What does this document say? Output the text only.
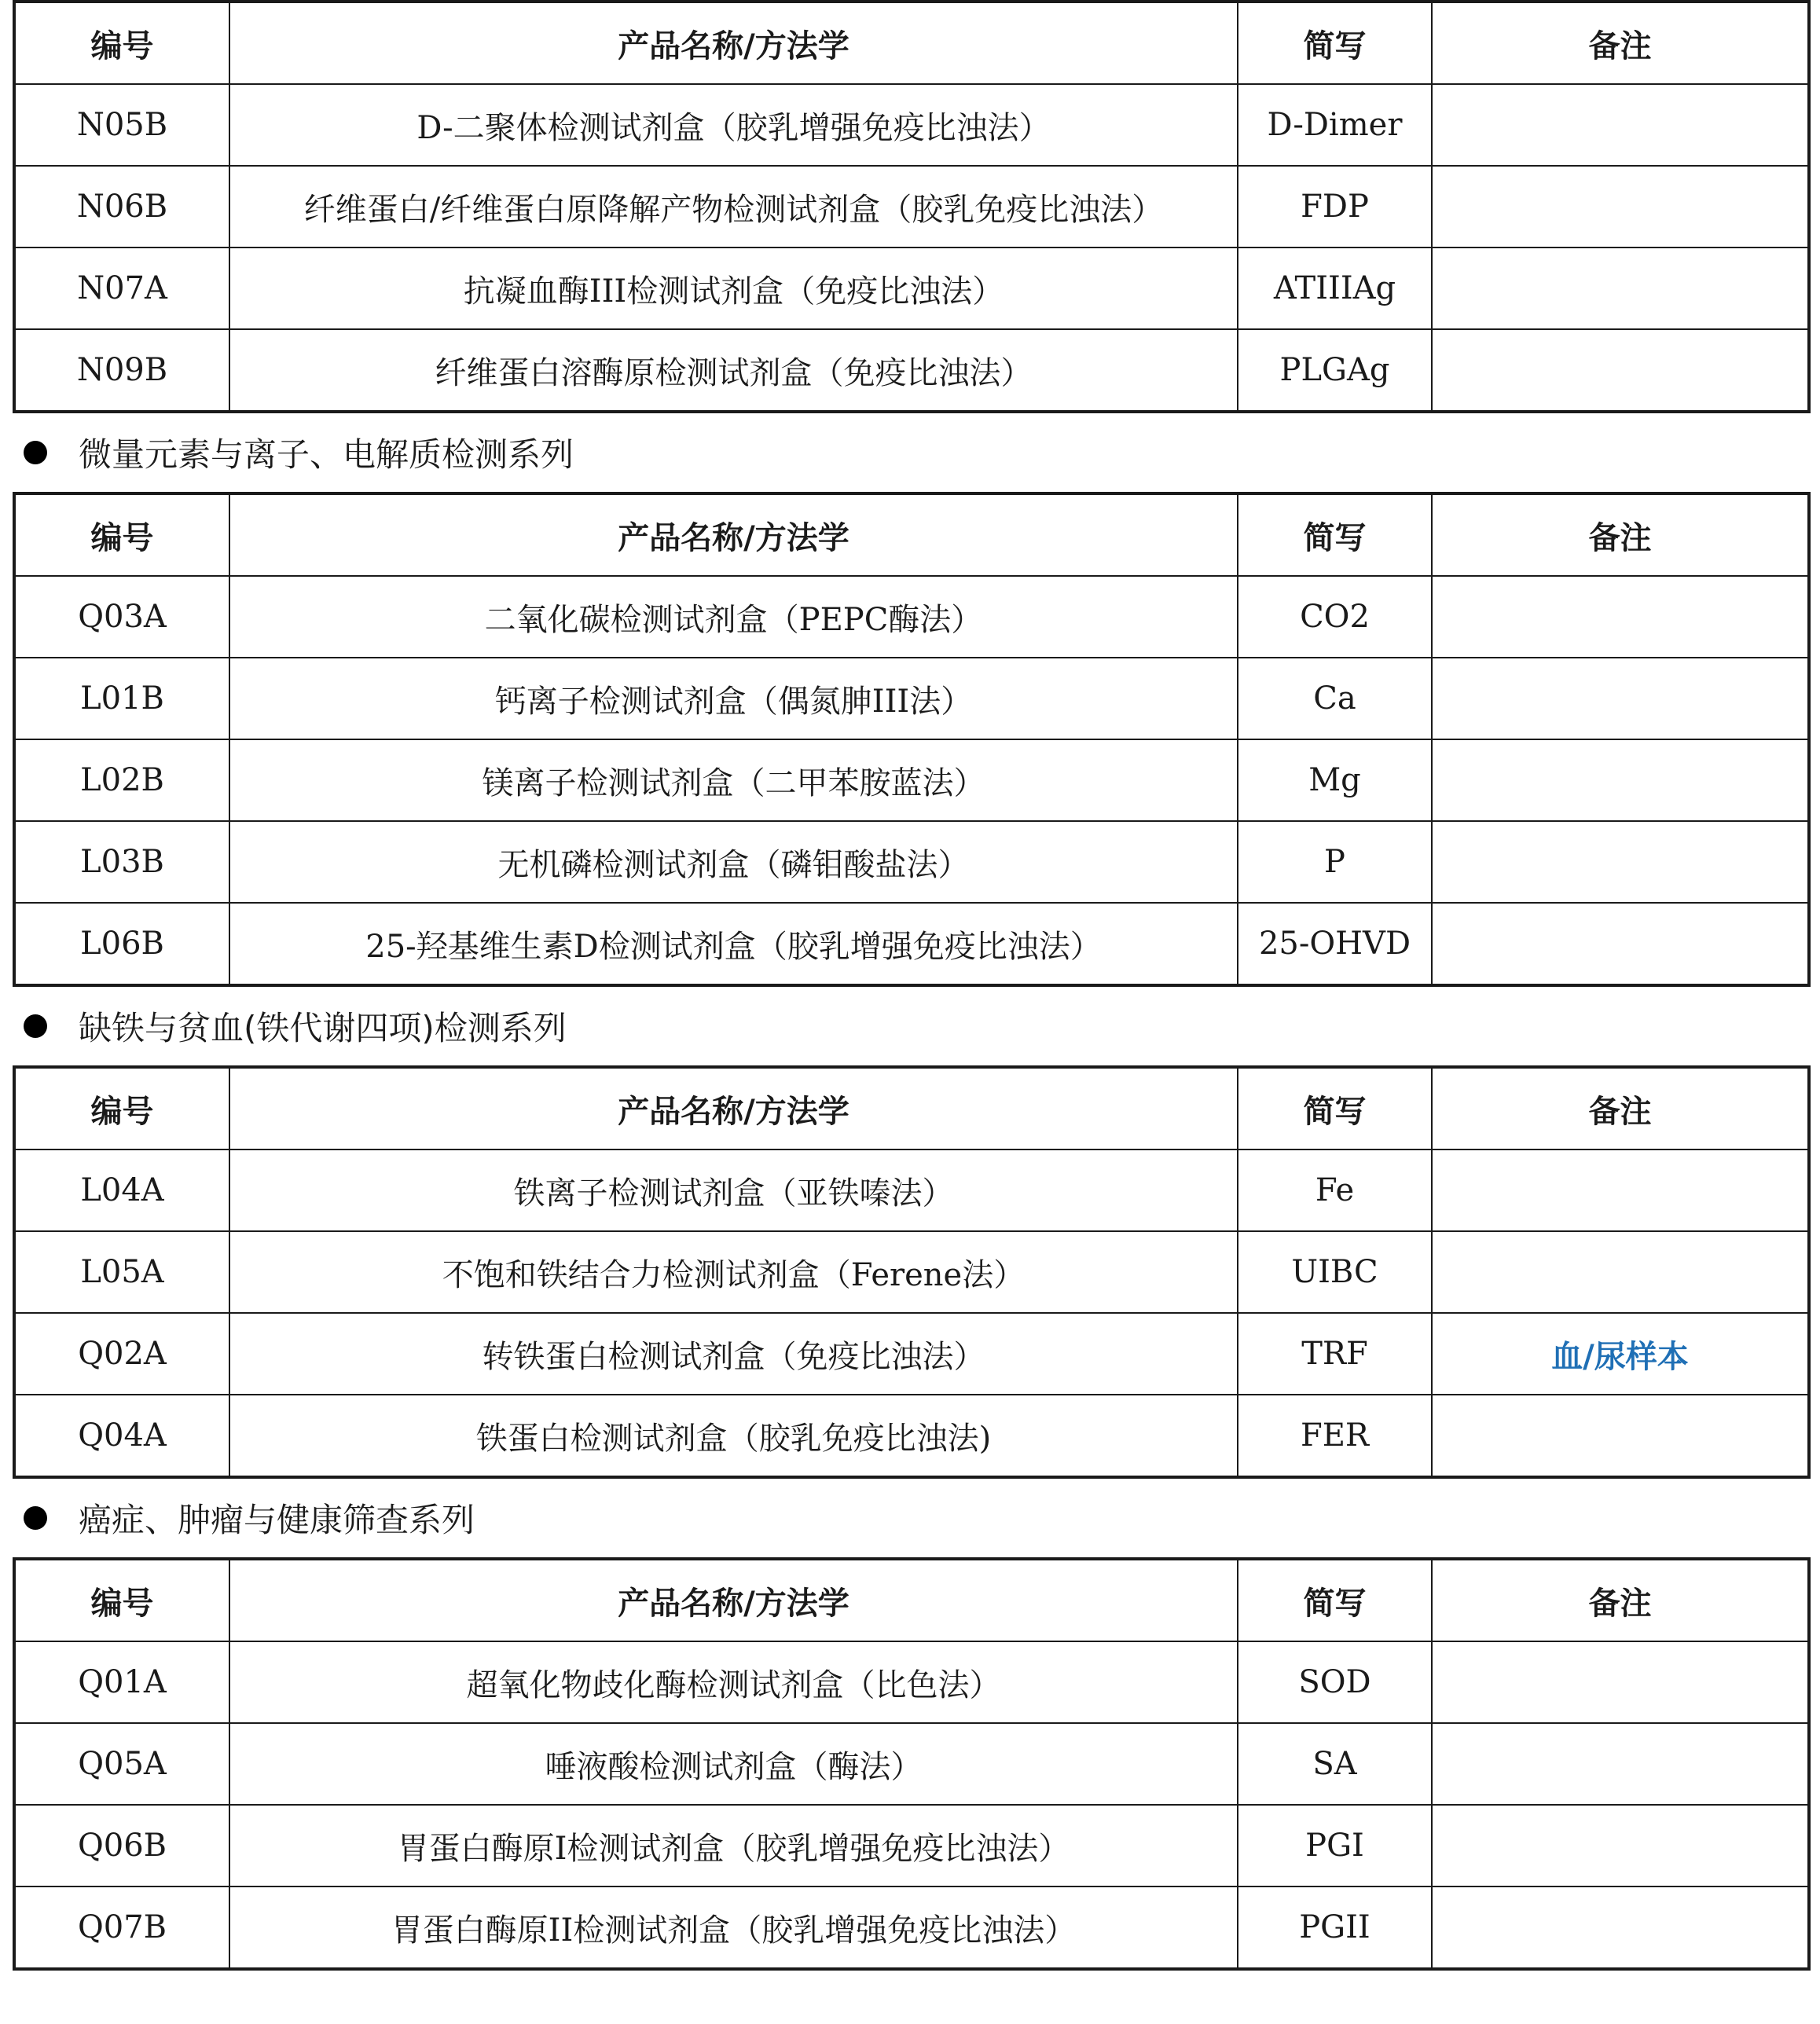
编号	产品名称/方法学	简写	备注
N05B	D-二聚体检测试剂盒（胶乳增强免疫比浊法）	D-Dimer	
N06B	纤维蛋白/纤维蛋白原降解产物检测试剂盒（胶乳免疫比浊法）	FDP	
N07A	抗凝血酶III检测试剂盒（免疫比浊法）	ATIIIAg	
N09B	纤维蛋白溶酶原检测试剂盒（免疫比浊法）	PLGAg	
微量元素与离子、电解质检测系列
编号	产品名称/方法学	简写	备注
Q03A	二氧化碳检测试剂盒（PEPC酶法）	CO2	
L01B	钙离子检测试剂盒（偶氮胂III法）	Ca	
L02B	镁离子检测试剂盒（二甲苯胺蓝法）	Mg	
L03B	无机磷检测试剂盒（磷钼酸盐法）	P	
L06B	25-羟基维生素D检测试剂盒（胶乳增强免疫比浊法）	25-OHVD	
缺铁与贫血(铁代谢四项)检测系列
编号	产品名称/方法学	简写	备注
L04A	铁离子检测试剂盒（亚铁嗪法）	Fe	
L05A	不饱和铁结合力检测试剂盒（Ferene法）	UIBC	
Q02A	转铁蛋白检测试剂盒（免疫比浊法）	TRF	血/尿样本
Q04A	铁蛋白检测试剂盒（胶乳免疫比浊法)	FER	
癌症、肿瘤与健康筛查系列
编号	产品名称/方法学	简写	备注
Q01A	超氧化物歧化酶检测试剂盒（比色法）	SOD	
Q05A	唾液酸检测试剂盒（酶法）	SA	
Q06B	胃蛋白酶原I检测试剂盒（胶乳增强免疫比浊法）	PGI	
Q07B	胃蛋白酶原II检测试剂盒（胶乳增强免疫比浊法）	PGII	
